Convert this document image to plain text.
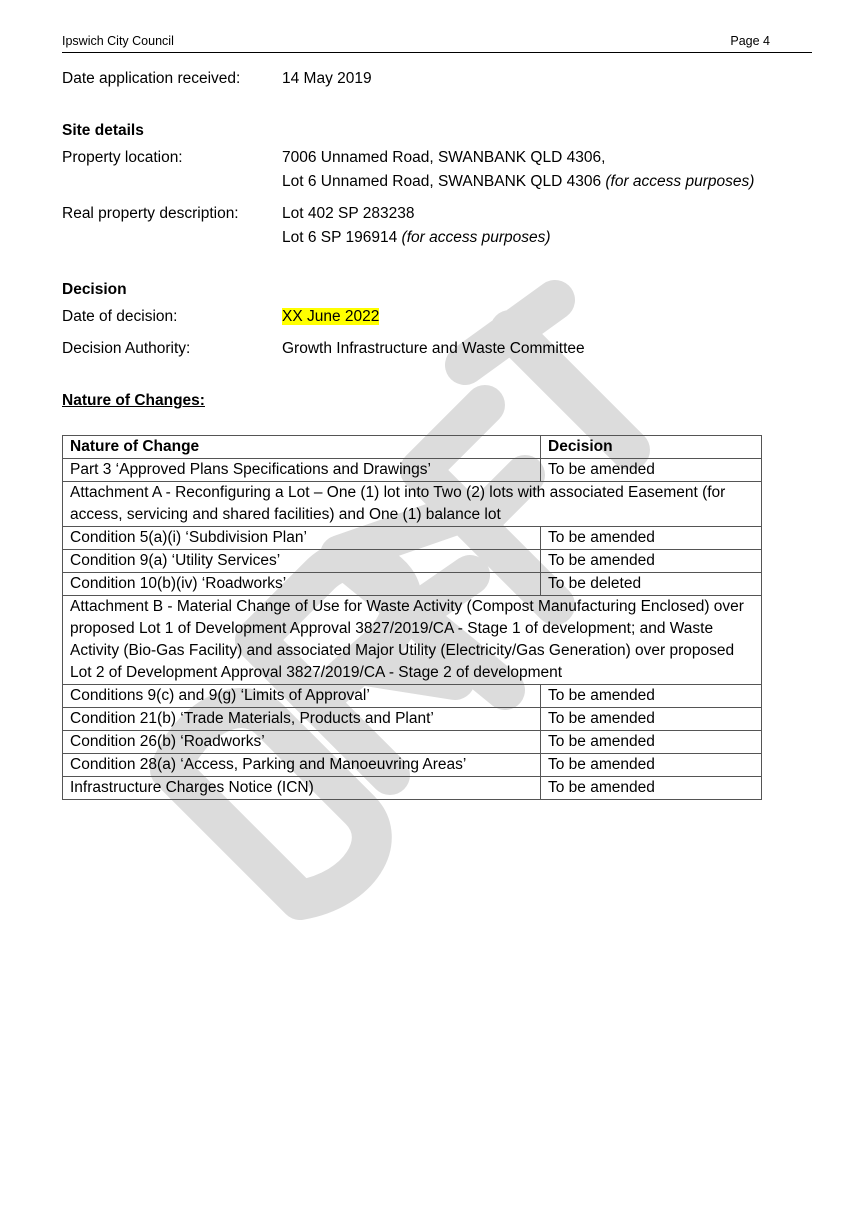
Ipswich City Council	Page 4
Date application received:	14 May 2019
Site details
Property location:	7006 Unnamed Road, SWANBANK QLD 4306,
Lot 6 Unnamed Road, SWANBANK QLD 4306 (for access purposes)
Real property description:	Lot 402 SP 283238
Lot 6 SP 196914 (for access purposes)
Decision
Date of decision:	XX June 2022
Decision Authority:	Growth Infrastructure and Waste Committee
Nature of Changes:
Nature of Change	Decision
Part 3 ‘Approved Plans Specifications and Drawings’	To be amended
Attachment A - Reconfiguring a Lot – One (1) lot into Two (2) lots with associated Easement (for access, servicing and shared facilities) and One (1) balance lot	
Condition 5(a)(i) ‘Subdivision Plan’	To be amended
Condition 9(a) ‘Utility Services’	To be amended
Condition 10(b)(iv) ‘Roadworks’	To be deleted
Attachment B - Material Change of Use for Waste Activity (Compost Manufacturing Enclosed) over proposed Lot 1 of Development Approval 3827/2019/CA - Stage 1 of development; and Waste Activity (Bio-Gas Facility) and associated Major Utility (Electricity/Gas Generation) over proposed Lot 2 of Development Approval 3827/2019/CA - Stage 2 of development	
Conditions 9(c) and 9(g) ‘Limits of Approval’	To be amended
Condition 21(b) ‘Trade Materials, Products and Plant’	To be amended
Condition 26(b) ‘Roadworks’	To be amended
Condition 28(a) ‘Access, Parking and Manoeuvring Areas’	To be amended
Infrastructure Charges Notice (ICN)	To be amended
